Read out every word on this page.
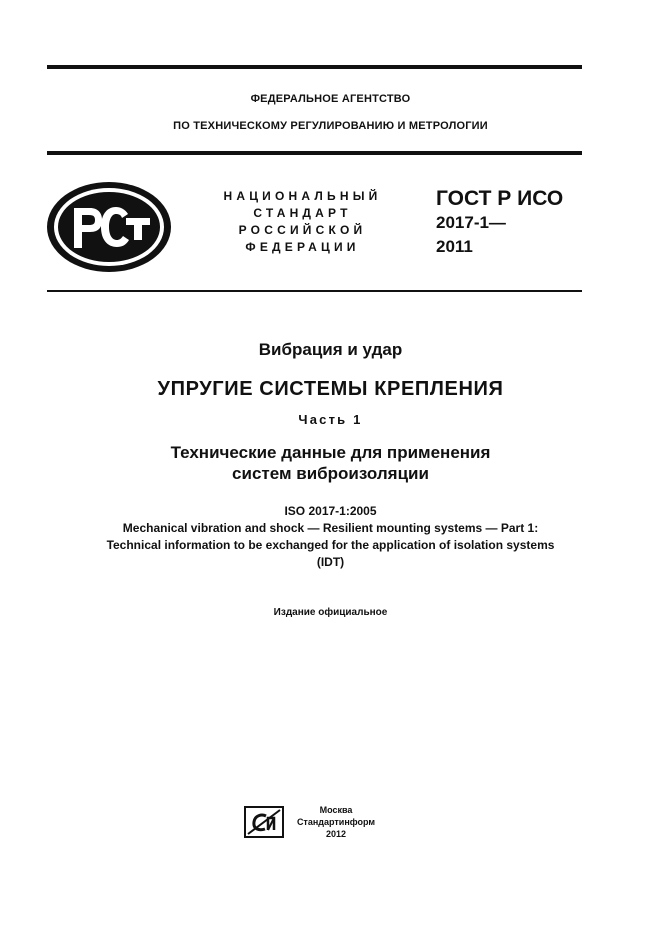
ФЕДЕРАЛЬНОЕ АГЕНТСТВО
ПО ТЕХНИЧЕСКОМУ РЕГУЛИРОВАНИЮ И МЕТРОЛОГИИ
НАЦИОНАЛЬНЫЙ
СТАНДАРТ
РОССИЙСКОЙ
ФЕДЕРАЦИИ
ГОСТ Р ИСО
2017-1—
2011
Вибрация и удар
УПРУГИЕ СИСТЕМЫ КРЕПЛЕНИЯ
Часть 1
Технические данные для применения
систем виброизоляции
ISO 2017-1:2005
Mechanical vibration and shock — Resilient mounting systems — Part 1:
Technical information to be exchanged for the application of isolation systems
(IDT)
Издание официальное
Москва
Стандартинформ
2012
